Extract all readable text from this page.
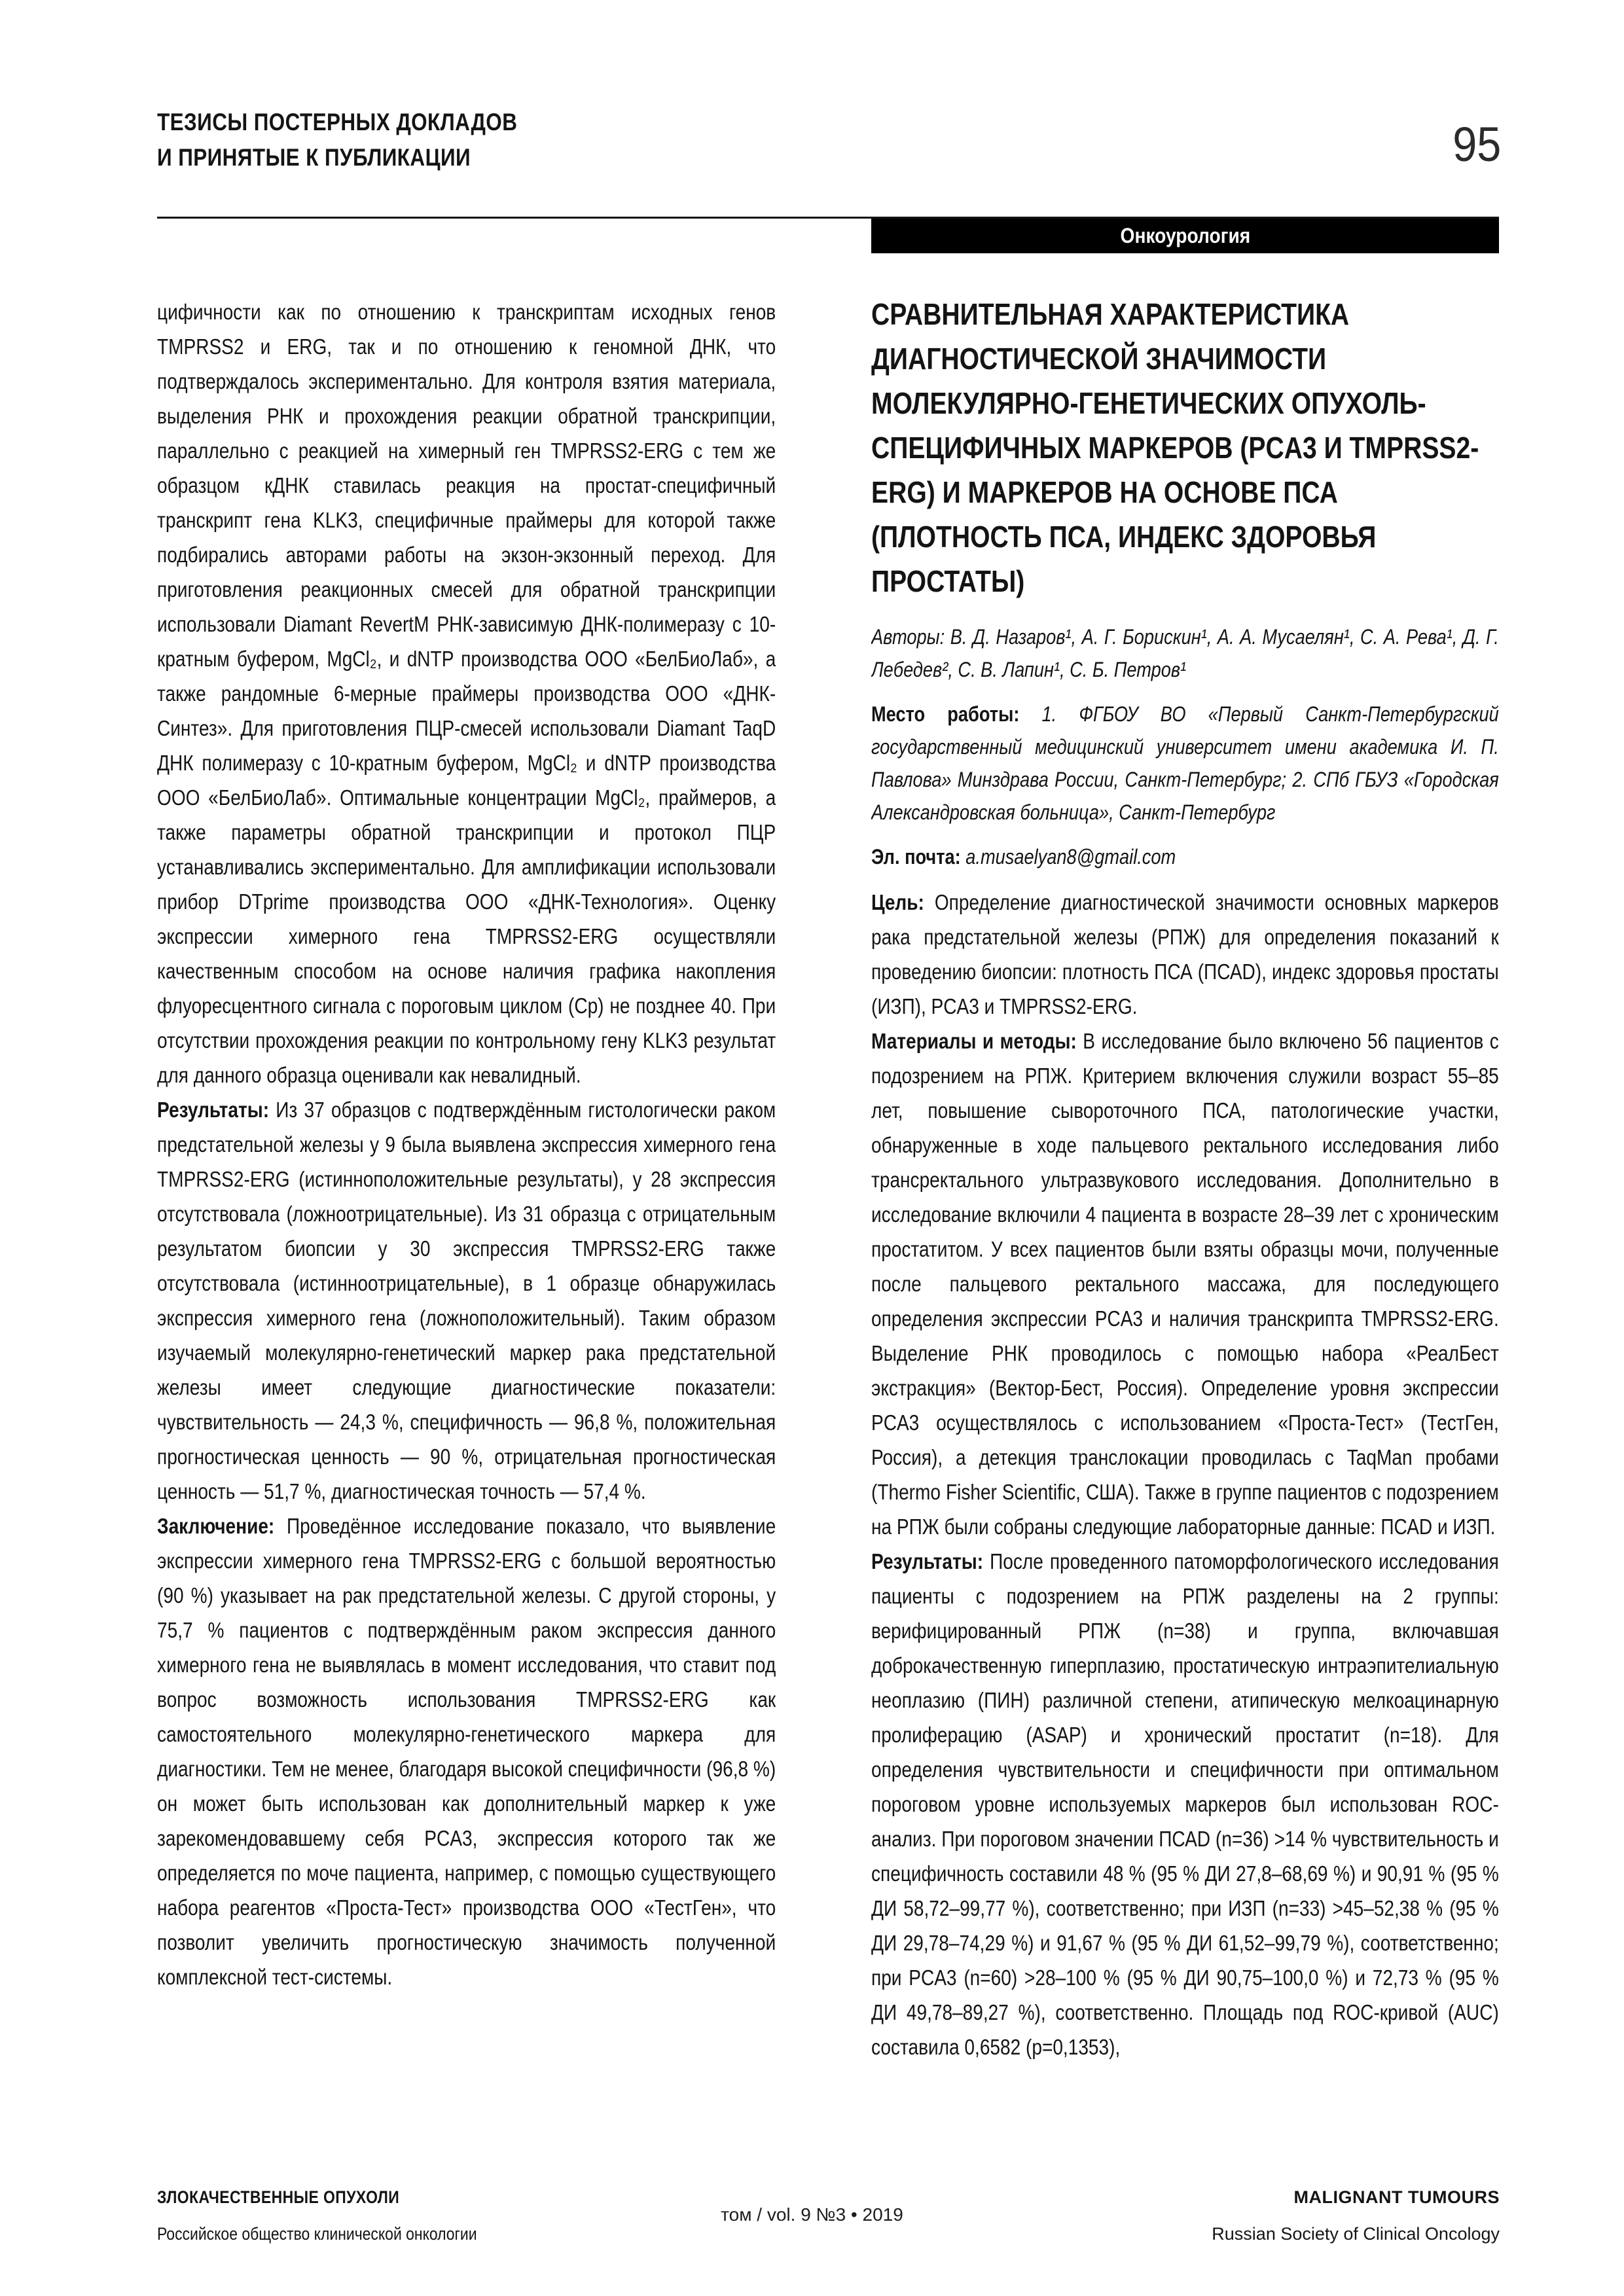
ТЕЗИСЫ ПОСТЕРНЫХ ДОКЛАДОВ
И ПРИНЯТЫЕ К ПУБЛИКАЦИИ	95
Онкоурология

цифичности как по отношению к транскриптам исходных генов TMPRSS2 и ERG, так и по отношению к геномной ДНК, что подтверждалось экспериментально. Для контроля взятия материала, выделения РНК и прохождения реакции обратной транскрипции, параллельно с реакцией на химерный ген TMPRSS2-ERG с тем же образцом кДНК ставилась реакция на простат-специфичный транскрипт гена KLK3, специфичные праймеры для которой также подбирались авторами работы на экзон-экзонный переход. Для приготовления реакционных смесей для обратной транскрипции использовали Diamant RevertM РНК-зависимую ДНК-полимеразу с 10-кратным буфером, MgCl₂, и dNTP производства ООО «БелБиоЛаб», а также рандомные 6-мерные праймеры производства ООО «ДНК-Синтез». Для приготовления ПЦР-смесей использовали Diamant TaqD ДНК полимеразу с 10-кратным буфером, MgCl₂ и dNTP производства ООО «БелБиоЛаб». Оптимальные концентрации MgCl₂, праймеров, а также параметры обратной транскрипции и протокол ПЦР устанавливались экспериментально. Для амплификации использовали прибор DTprime производства ООО «ДНК-Технология». Оценку экспрессии химерного гена TMPRSS2-ERG осуществляли качественным способом на основе наличия графика накопления флуоресцентного сигнала с пороговым циклом (Ср) не позднее 40. При отсутствии прохождения реакции по контрольному гену KLK3 результат для данного образца оценивали как невалидный.

Результаты: Из 37 образцов с подтверждённым гистологически раком предстательной железы у 9 была выявлена экспрессия химерного гена TMPRSS2-ERG (истинноположительные результаты), у 28 экспрессия отсутствовала (ложноотрицательные). Из 31 образца с отрицательным результатом биопсии у 30 экспрессия TMPRSS2-ERG также отсутствовала (истинноотрицательные), в 1 образце обнаружилась экспрессия химерного гена (ложноположительный). Таким образом изучаемый молекулярно-генетический маркер рака предстательной железы имеет следующие диагностические показатели: чувствительность — 24,3 %, специфичность — 96,8 %, положительная прогностическая ценность — 90 %, отрицательная прогностическая ценность — 51,7 %, диагностическая точность — 57,4 %.

Заключение: Проведённое исследование показало, что выявление экспрессии химерного гена TMPRSS2-ERG с большой вероятностью (90 %) указывает на рак предстательной железы. С другой стороны, у 75,7 % пациентов с подтверждённым раком экспрессия данного химерного гена не выявлялась в момент исследования, что ставит под вопрос возможность использования TMPRSS2-ERG как самостоятельного молекулярно-генетического маркера для диагностики. Тем не менее, благодаря высокой специфичности (96,8 %) он может быть использован как дополнительный маркер к уже зарекомендовавшему себя PCA3, экспрессия которого так же определяется по моче пациента, например, с помощью существующего набора реагентов «Проста-Тест» производства ООО «ТестГен», что позволит увеличить прогностическую значимость полученной комплексной тест-системы.

СРАВНИТЕЛЬНАЯ ХАРАКТЕРИСТИКА ДИАГНОСТИЧЕСКОЙ ЗНАЧИМОСТИ МОЛЕКУЛЯРНО-ГЕНЕТИЧЕСКИХ ОПУХОЛЬ-СПЕЦИФИЧНЫХ МАРКЕРОВ (PCA3 И TMPRSS2-ERG) И МАРКЕРОВ НА ОСНОВЕ ПСА (ПЛОТНОСТЬ ПСА, ИНДЕКС ЗДОРОВЬЯ ПРОСТАТЫ)

Авторы: В. Д. Назаров¹, А. Г. Борискин¹, А. А. Мусаелян¹, С. А. Рева¹, Д. Г. Лебедев², С. В. Лапин¹, С. Б. Петров¹

Место работы: 1. ФГБОУ ВО «Первый Санкт-Петербургский государственный медицинский университет имени академика И. П. Павлова» Минздрава России, Санкт-Петербург; 2. СПб ГБУЗ «Городская Александровская больница», Санкт-Петербург

Эл. почта: a.musaelyan8@gmail.com

Цель: Определение диагностической значимости основных маркеров рака предстательной железы (РПЖ) для определения показаний к проведению биопсии: плотность ПСА (ПСАD), индекс здоровья простаты (ИЗП), PCA3 и TMPRSS2-ERG.

Материалы и методы: В исследование было включено 56 пациентов с подозрением на РПЖ. Критерием включения служили возраст 55–85 лет, повышение сывороточного ПСА, патологические участки, обнаруженные в ходе пальцевого ректального исследования либо трансректального ультразвукового исследования. Дополнительно в исследование включили 4 пациента в возрасте 28–39 лет с хроническим простатитом. У всех пациентов были взяты образцы мочи, полученные после пальцевого ректального массажа, для последующего определения экспрессии PCA3 и наличия транскрипта TMPRSS2-ERG. Выделение РНК проводилось с помощью набора «РеалБест экстракция» (Вектор-Бест, Россия). Определение уровня экспрессии PCA3 осуществлялось с использованием «Проста-Тест» (ТестГен, Россия), а детекция транслокации проводилась с TaqMan пробами (Thermo Fisher Scientific, США). Также в группе пациентов с подозрением на РПЖ были собраны следующие лабораторные данные: ПСАD и ИЗП.

Результаты: После проведенного патоморфологического исследования пациенты с подозрением на РПЖ разделены на 2 группы: верифицированный РПЖ (n=38) и группа, включавшая доброкачественную гиперплазию, простатическую интраэпителиальную неоплазию (ПИН) различной степени, атипическую мелкоацинарную пролиферацию (ASAP) и хронический простатит (n=18). Для определения чувствительности и специфичности при оптимальном пороговом уровне используемых маркеров был использован ROC-анализ. При пороговом значении ПСАD (n=36) >14 % чувствительность и специфичность составили 48 % (95 % ДИ 27,8–68,69 %) и 90,91 % (95 % ДИ 58,72–99,77 %), соответственно; при ИЗП (n=33) >45–52,38 % (95 % ДИ 29,78–74,29 %) и 91,67 % (95 % ДИ 61,52–99,79 %), соответственно; при PCA3 (n=60) >28–100 % (95 % ДИ 90,75–100,0 %) и 72,73 % (95 % ДИ 49,78–89,27 %), соответственно. Площадь под ROC-кривой (AUC) составила 0,6582 (p=0,1353),

ЗЛОКАЧЕСТВЕННЫЕ ОПУХОЛИ
Российское общество клинической онкологии
том / vol. 9 №3 • 2019
MALIGNANT TUMOURS
Russian Society of Clinical Oncology
